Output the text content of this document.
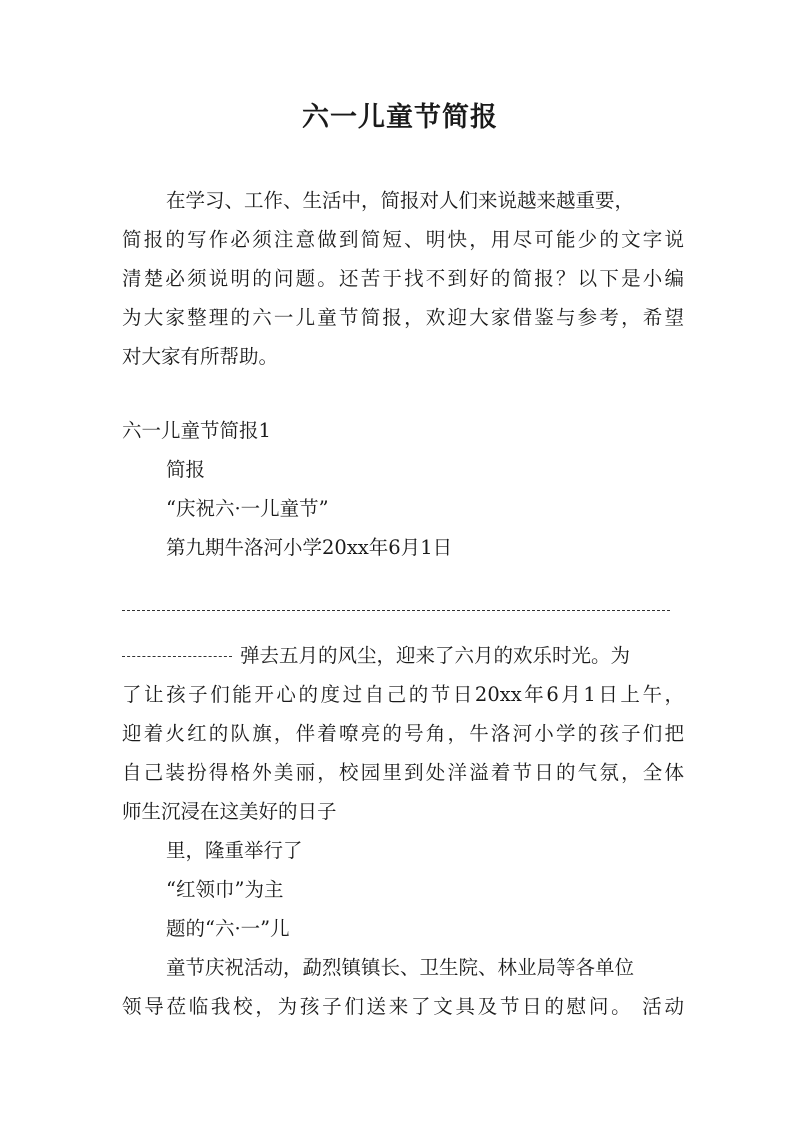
六一儿童节简报
在学习、工作、生活中，简报对人们来说越来越重要，
简报的写作必须注意做到简短、明快，用尽可能少的文字说
清楚必须说明的问题。还苦于找不到好的简报？以下是小编
为大家整理的六一儿童节简报，欢迎大家借鉴与参考，希望
对大家有所帮助。
六一儿童节简报1
简报
“庆祝六·一儿童节”
第九期牛洛河小学20xx年6月1日
弹去五月的风尘，迎来了六月的欢乐时光。为
了让孩子们能开心的度过自己的节日20xx年6月1日上午，
迎着火红的队旗，伴着嘹亮的号角，牛洛河小学的孩子们把
自己装扮得格外美丽，校园里到处洋溢着节日的气氛，全体
师生沉浸在这美好的日子
里，隆重举行了
“红领巾”为主
题的“六·一”儿
童节庆祝活动，勐烈镇镇长、卫生院、林业局等各单位
领导莅临我校，为孩子们送来了文具及节日的慰问。 活动
